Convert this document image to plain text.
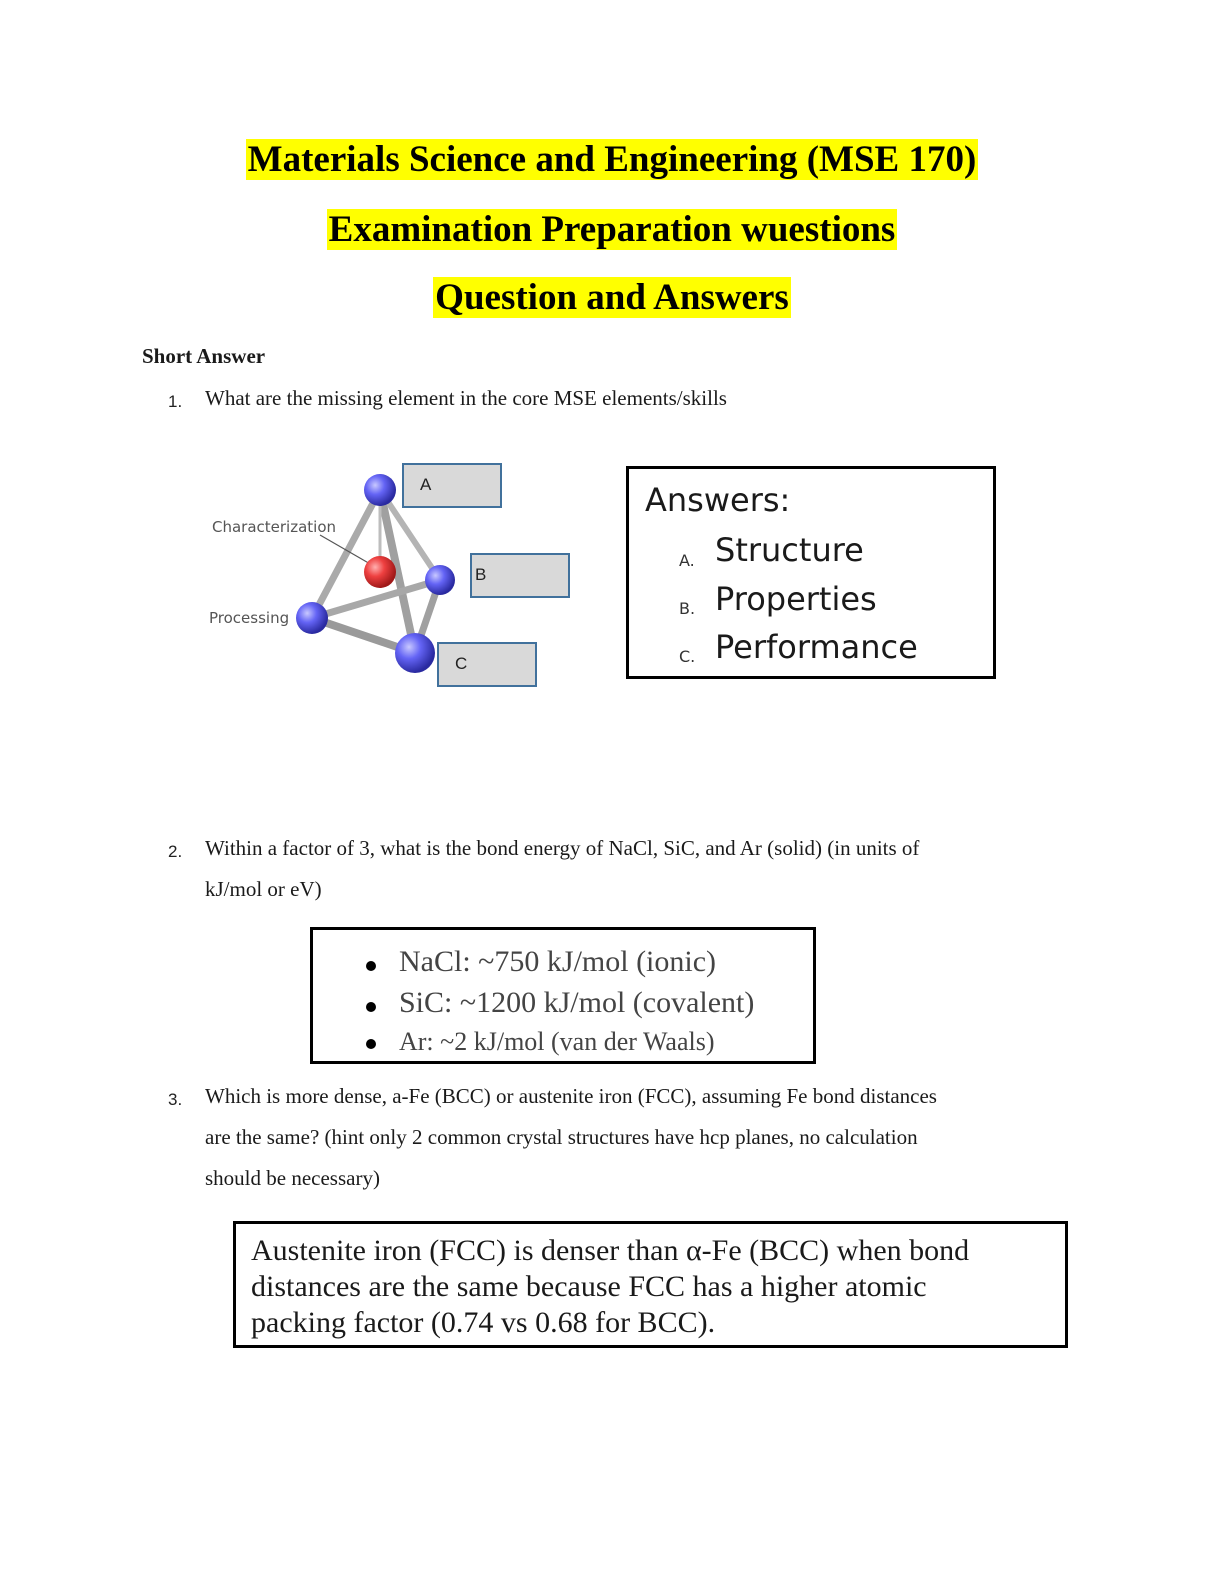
Materials Science and Engineering (MSE 170)
Examination Preparation wuestions
Question and Answers
Short Answer
1. What are the missing element in the core MSE elements/skills
Characterization
Processing
A
B
C
Answers:
A. Structure
B. Properties
C. Performance
2. Within a factor of 3, what is the bond energy of NaCl, SiC, and Ar (solid) (in units of
kJ/mol or eV)
NaCl: ~750 kJ/mol (ionic)
SiC: ~1200 kJ/mol (covalent)
Ar: ~2 kJ/mol (van der Waals)
3. Which is more dense, a-Fe (BCC) or austenite iron (FCC), assuming Fe bond distances
are the same? (hint only 2 common crystal structures have hcp planes, no calculation
should be necessary)
Austenite iron (FCC) is denser than α-Fe (BCC) when bond
distances are the same because FCC has a higher atomic
packing factor (0.74 vs 0.68 for BCC).
